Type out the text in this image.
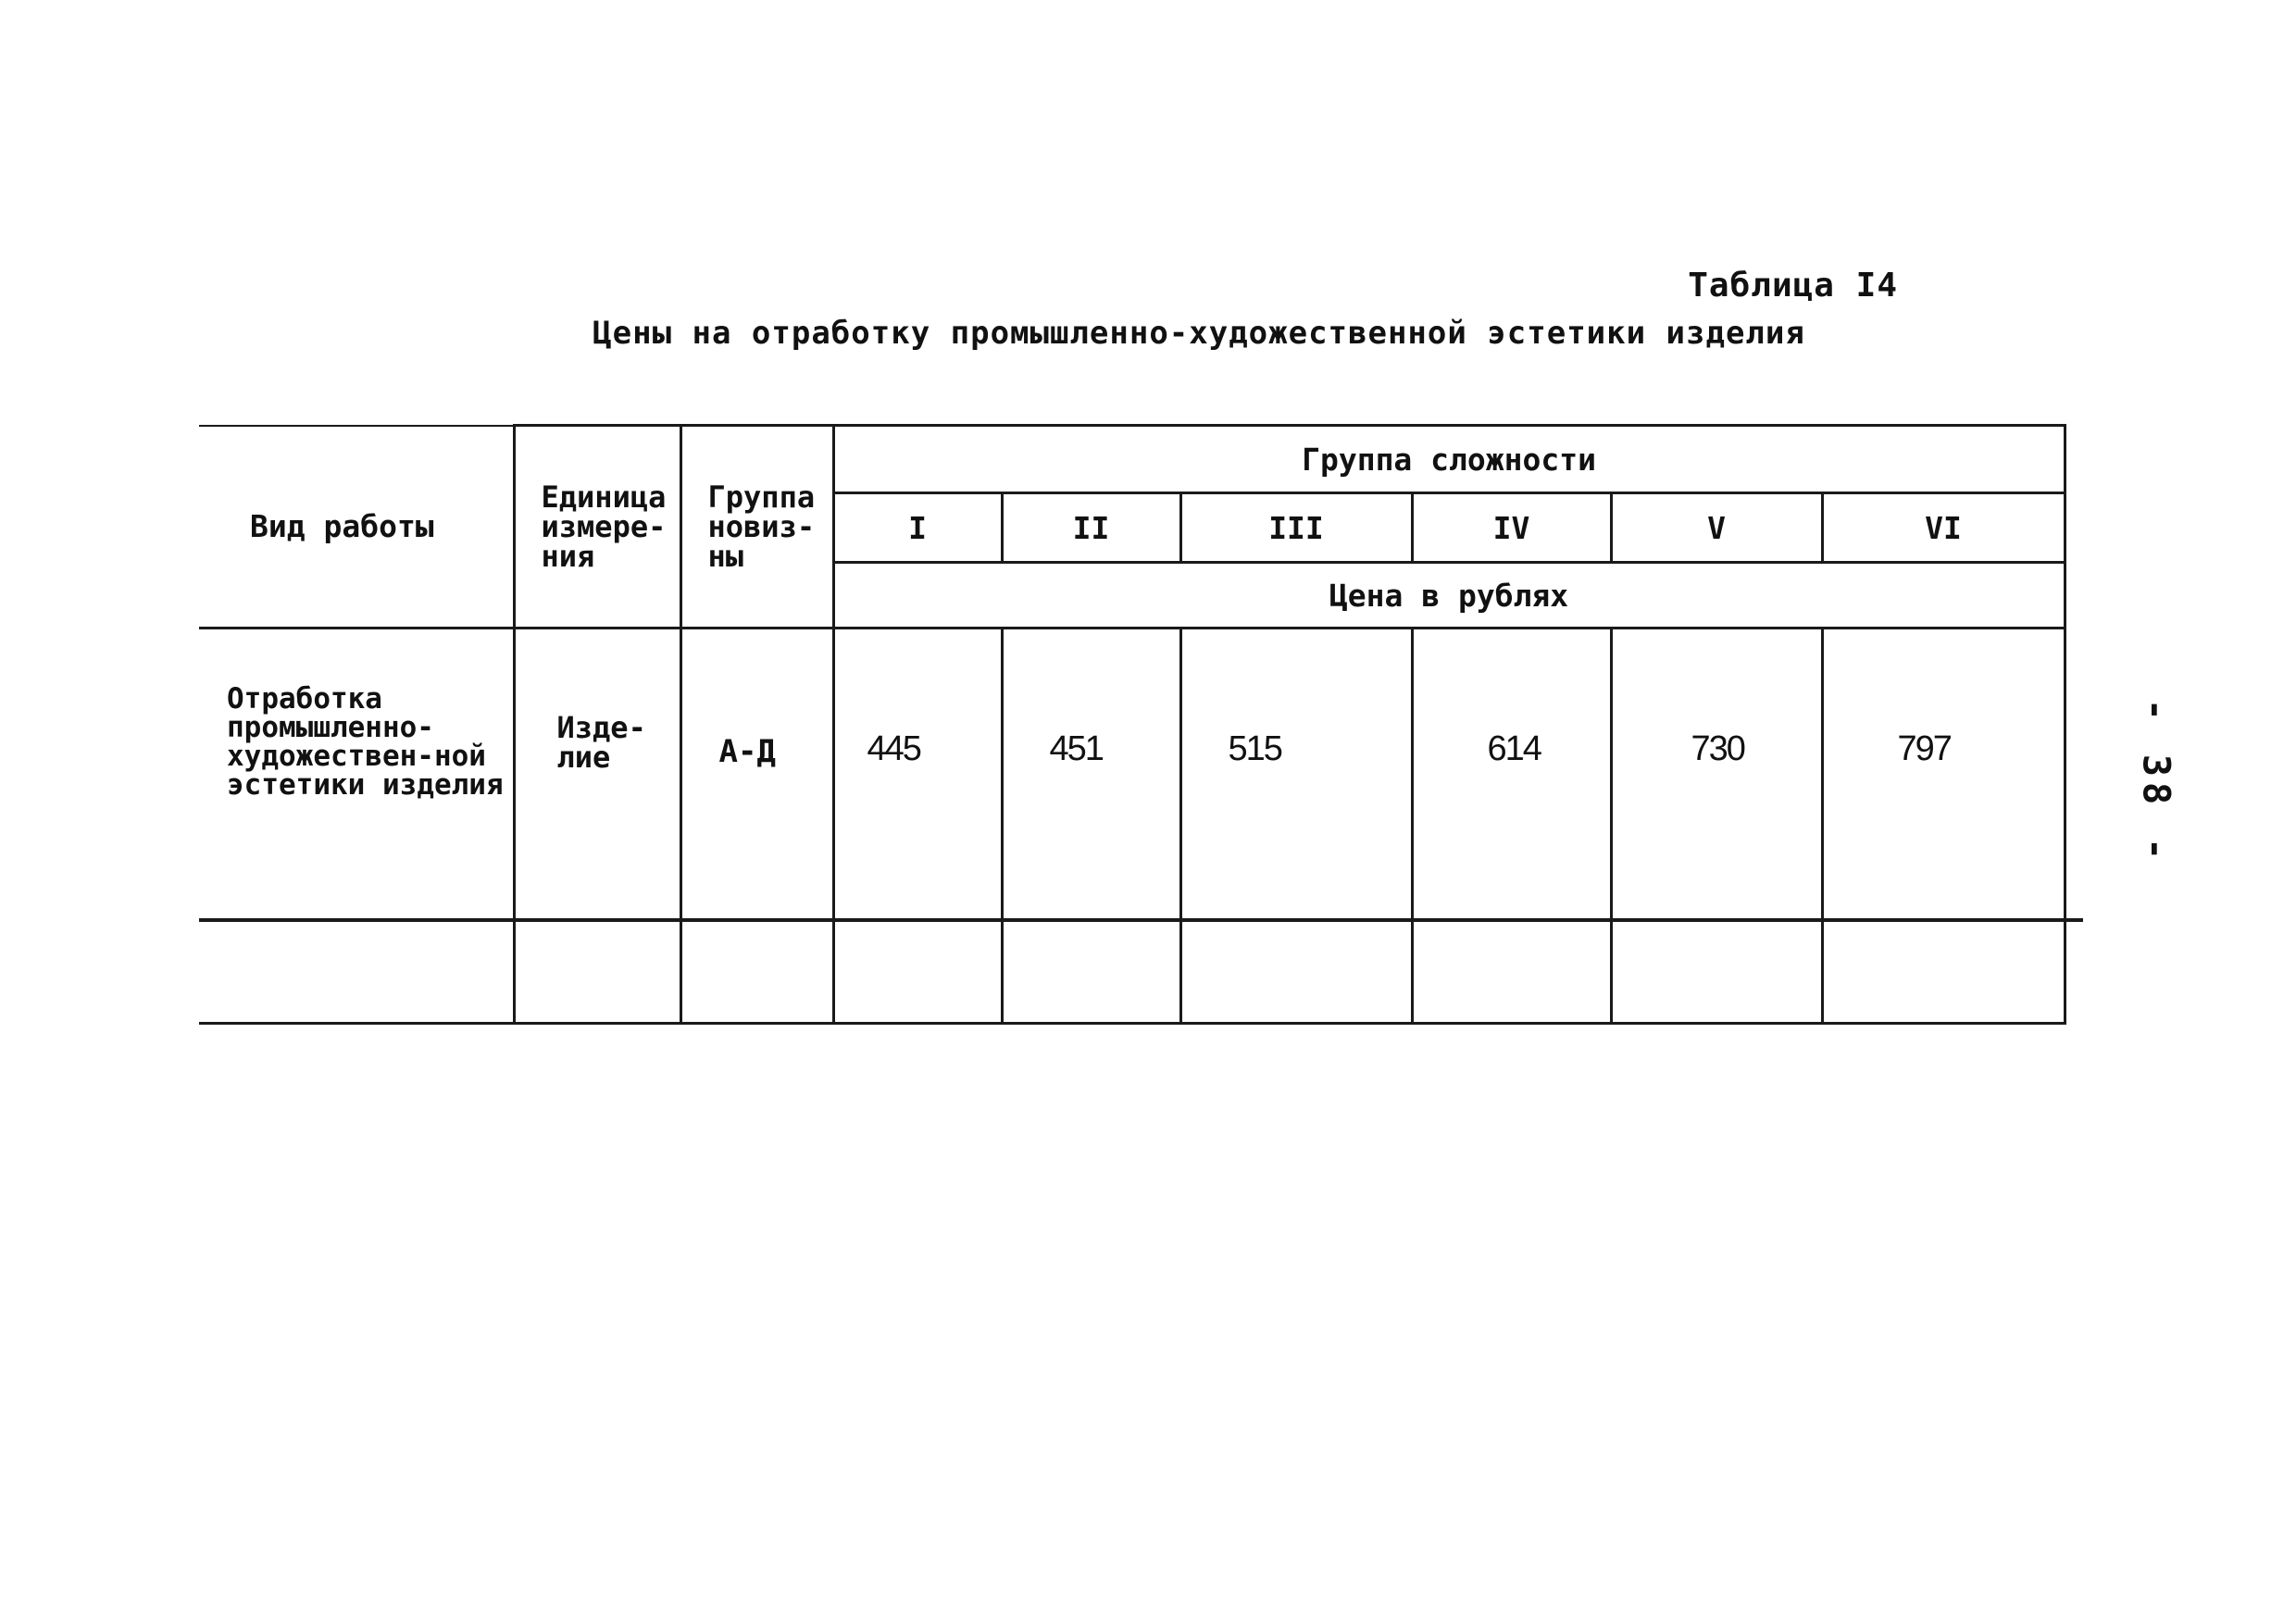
Таблица I4
Цены на отработку промышленно-художественной эстетики изделия
Вид работы	Единица измере-ния	Группа новиз-ны	Группа сложности					
			I	II	III	IV	V	VI
			Цена в рублях					
Отработка промышленно-художествен-ной эстетики изделия	Изде-лие	А-Д	445	451	515	614	730	797	- 38 -
